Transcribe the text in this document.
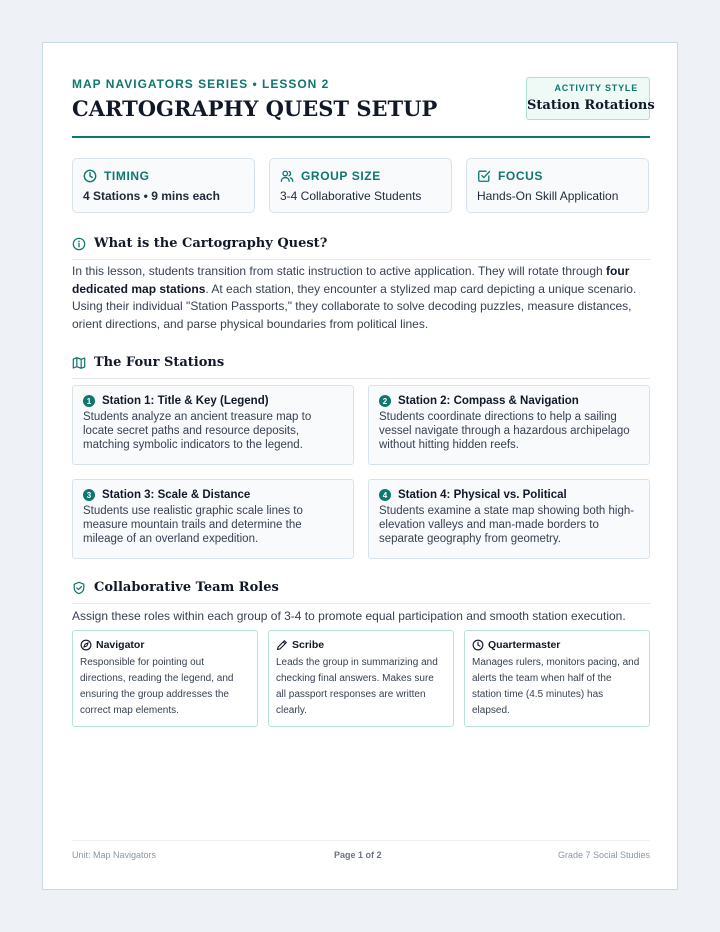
MAP NAVIGATORS SERIES • LESSON 2
CARTOGRAPHY QUEST SETUP
ACTIVITY STYLE
Station Rotations
TIMING
4 Stations • 9 mins each
GROUP SIZE
3-4 Collaborative Students
FOCUS
Hands-On Skill Application
What is the Cartography Quest?

In this lesson, students transition from static instruction to active application. They will rotate through four dedicated map stations. At each station, they encounter a stylized map card depicting a unique scenario. Using their individual "Station Passports," they collaborate to solve decoding puzzles, measure distances, orient directions, and parse physical boundaries from political lines.

The Four Stations
1 Station 1: Title & Key (Legend)
Students analyze an ancient treasure map to locate secret paths and resource deposits, matching symbolic indicators to the legend.
2 Station 2: Compass & Navigation
Students coordinate directions to help a sailing vessel navigate through a hazardous archipelago without hitting hidden reefs.
3 Station 3: Scale & Distance
Students use realistic graphic scale lines to measure mountain trails and determine the mileage of an overland expedition.
4 Station 4: Physical vs. Political
Students examine a state map showing both high-elevation valleys and man-made borders to separate geography from geometry.
Collaborative Team Roles

Assign these roles within each group of 3-4 to promote equal participation and smooth station execution.

Navigator
Responsible for pointing out directions, reading the legend, and ensuring the group addresses the correct map elements.
Scribe
Leads the group in summarizing and checking final answers. Makes sure all passport responses are written clearly.
Quartermaster
Manages rulers, monitors pacing, and alerts the team when half of the station time (4.5 minutes) has elapsed.
Unit: Map Navigators	Page 1 of 2	Grade 7 Social Studies
